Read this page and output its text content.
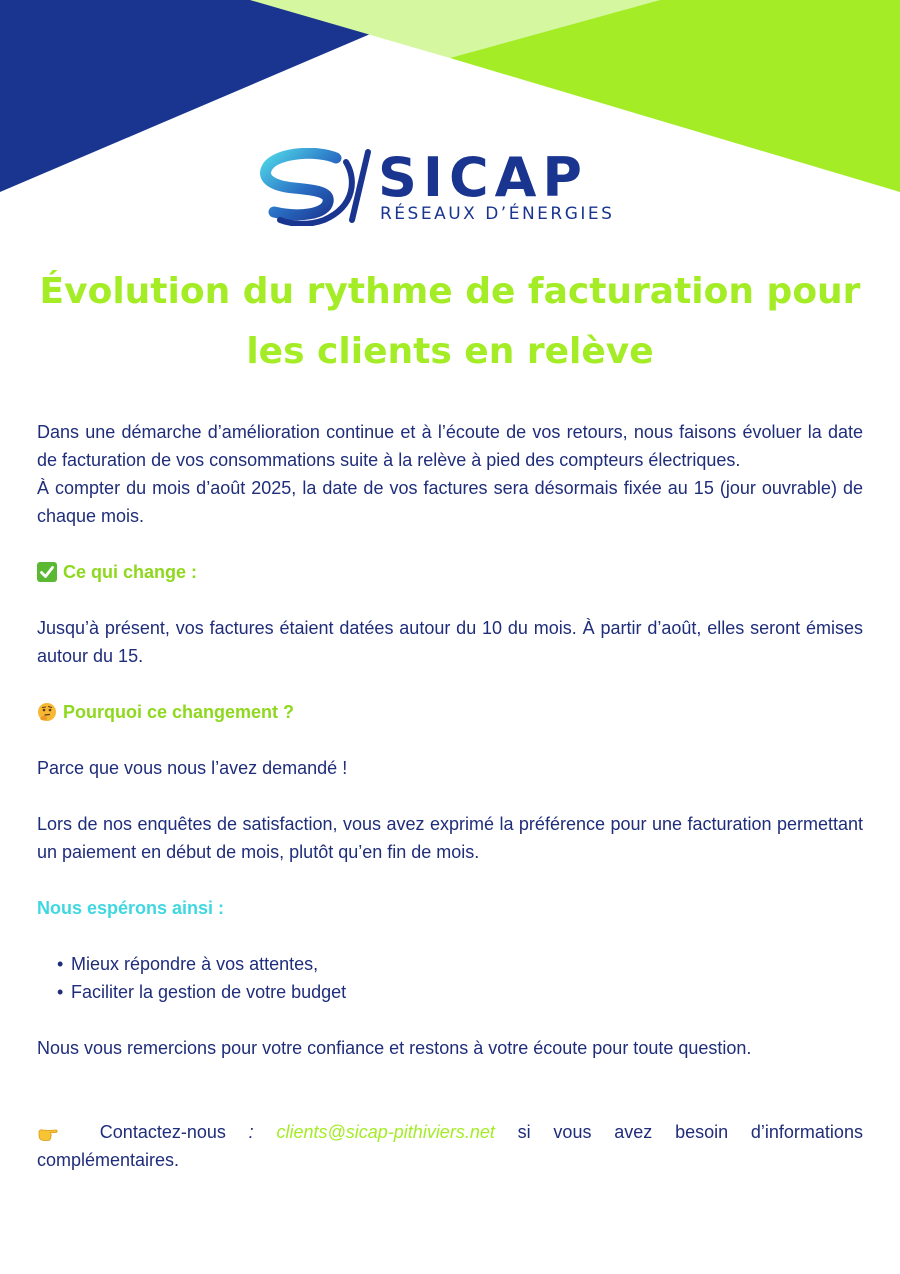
SICAP
RÉSEAUX D’ÉNERGIES
Évolution du rythme de facturation pour
les clients en relève

Dans une démarche d’amélioration continue et à l’écoute de vos retours, nous faisons évoluer la date de facturation de vos consommations suite à la relève à pied des compteurs électriques.

À compter du mois d’août 2025, la date de vos factures sera désormais fixée au 15 (jour ouvrable) de chaque mois.

Ce qui change :

Jusqu’à présent, vos factures étaient datées autour du 10 du mois. À partir d’août, elles seront émises autour du 15.

Pourquoi ce changement ?

Parce que vous nous l’avez demandé !

Lors de nos enquêtes de satisfaction, vous avez exprimé la préférence pour une facturation permettant un paiement en début de mois, plutôt qu’en fin de mois.

Nous espérons ainsi :
• Mieux répondre à vos attentes,
• Faciliter la gestion de votre budget

Nous vous remercions pour votre confiance et restons à votre écoute pour toute question.

Contactez-nous : clients@sicap-pithiviers.net si vous avez besoin d’informations complémentaires.
